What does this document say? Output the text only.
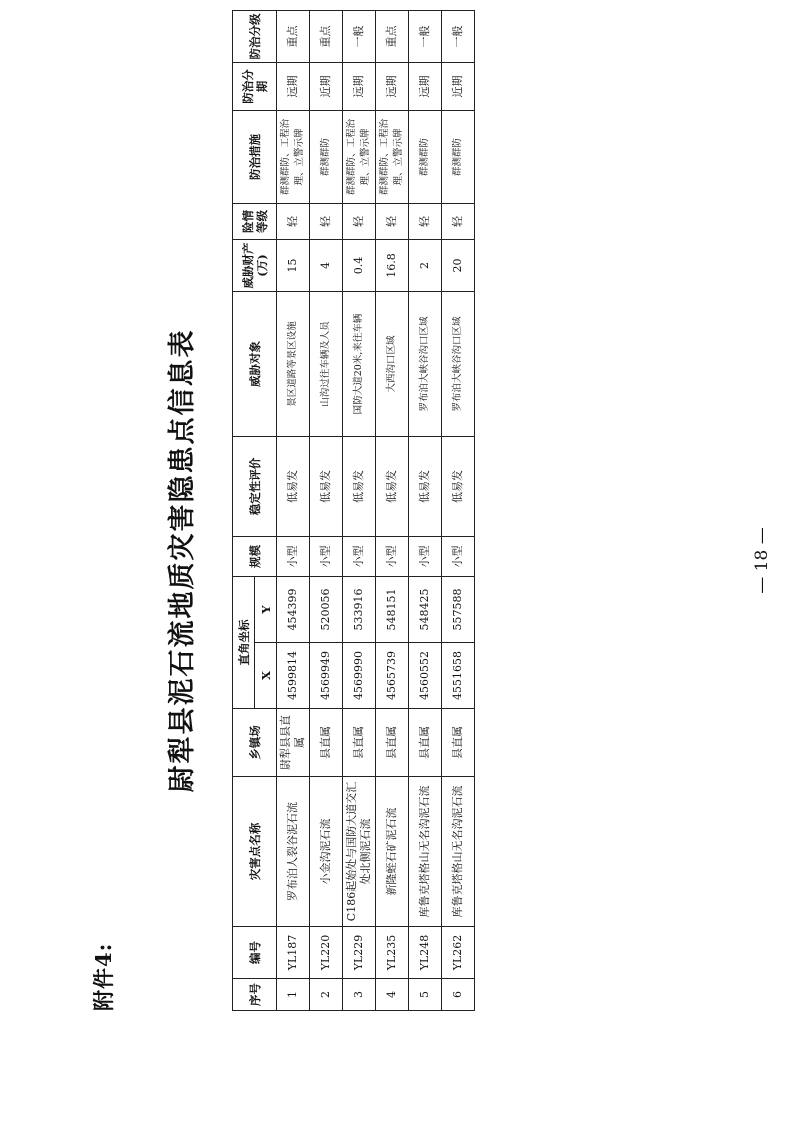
附件4:
尉犁县泥石流地质灾害隐患点信息表
序号	编号	灾害点名称	乡镇场	直角坐标		规模	稳定性评价	威胁对象	威胁财产(万)	险情等级	防治措施	防治分期	防治分级
				X	Y								
1	YL187	罗布泊人裂谷泥石流	尉犁县县直属	4599814	454399	小型	低易发	景区道路等景区设施	15	轻	群测群防、工程治理、立警示牌	远期	重点
2	YL220	小金沟泥石流	县直属	4569949	520056	小型	低易发	山沟过往车辆及人员	4	轻	群测群防	近期	重点
3	YL229	C186起始处与国防大道交汇处北侧泥石流	县直属	4569990	533916	小型	低易发	国防大道20米,来往车辆	0.4	轻	群测群防、工程治理、立警示牌	远期	一般
4	YL235	新隆蛭石矿泥石流	县直属	4565739	548151	小型	低易发	大西沟口区域	16.8	轻	群测群防、工程治理、立警示牌	远期	重点
5	YL248	库鲁克塔格山无名沟泥石流	县直属	4560552	548425	小型	低易发	罗布泊大峡谷沟口区域	2	轻	群测群防	远期	一般
6	YL262	库鲁克塔格山无名沟泥石流	县直属	4551658	557588	小型	低易发	罗布泊大峡谷沟口区域	20	轻	群测群防	近期	一般
— 18 —
